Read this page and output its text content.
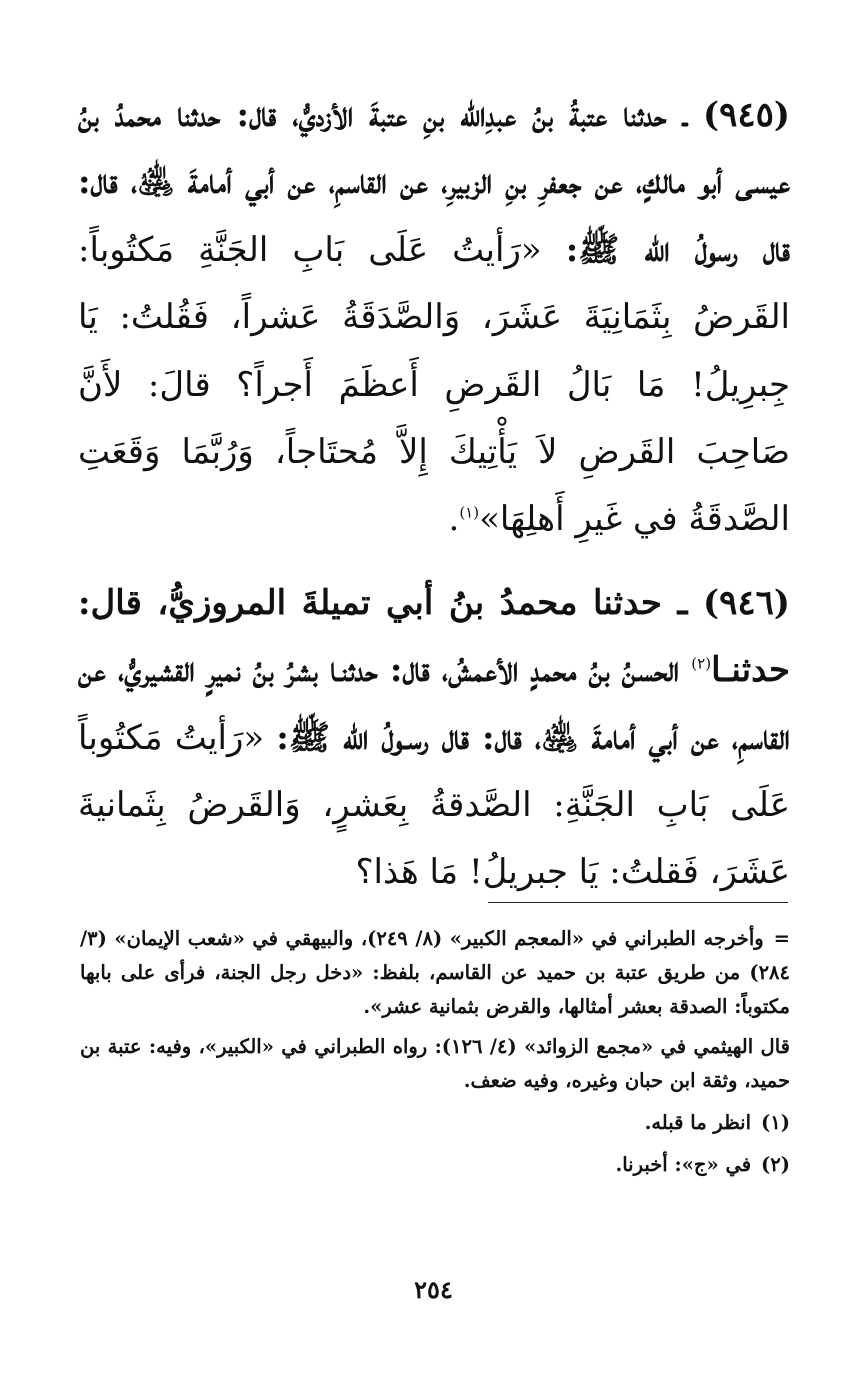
(٩٤٥) ـ حدثنا عتبةُ بنُ عبدِالله بنِ عتبةَ الأزديُّ، قال: حدثنا محمدُ بنُ عيسى أبو مالكٍ، عن جعفرِ بنِ الزبيرِ، عن القاسمِ، عن أبي أمامةَ ﵁، قال: قال رسولُ الله ﷺ: «رَأيتُ عَلَى بَابِ الجَنَّةِ مَكتُوباً: القَرضُ بِثَمَانِيَةَ عَشَرَ، وَالصَّدَقَةُ عَشراً، فَقُلتُ: يَا جِبرِيلُ! مَا بَالُ القَرضِ أَعظَمَ أَجراً؟ قالَ: لأَنَّ صَاحِبَ القَرضِ لاَ يَأْتِيكَ إِلاَّ مُحتَاجاً، وَرُبَّمَا وَقَعَتِ الصَّدقَةُ في غَيرِ أَهلِهَا»$^{(١)}$.

(٩٤٦) ـ حدثنا محمدُ بنُ أبي تميلةَ المروزيُّ، قال: حدثنـا$^{(٢)}$ الحسنُ بنُ محمدٍ الأعمشُ، قال: حدثنـا بشرُ بنُ نميرٍ القشيريُّ، عن القاسمِ، عن أبي أمامةَ ﵁، قال: قال رسـولُ الله ﷺ: «رَأيتُ مَكتُوباً عَلَى بَابِ الجَنَّةِ: الصَّدقةُ بِعَشرٍ، وَالقَرضُ بِثَمانيةَ عَشَرَ، فَقلتُ: يَا جبريلُ! مَا هَذا؟

=وأخرجه الطبراني في «المعجم الكبير» (٨/ ٢٤٩)، والبيهقي في «شعب الإيمان» (٣/ ٢٨٤) من طريق عتبة بن حميد عن القاسم، بلفظ: «دخل رجل الجنة، فرأى على بابها مكتوباً: الصدقة بعشر أمثالها، والقرض بثمانية عشر».

قال الهيثمي في «مجمع الزوائد» (٤/ ١٢٦): رواه الطبراني في «الكبير»، وفيه: عتبة بن حميد، وثقة ابن حبان وغيره، وفيه ضعف.

(١)انظر ما قبله.

(٢)في «ج»: أخبرنا.

٢٥٤
